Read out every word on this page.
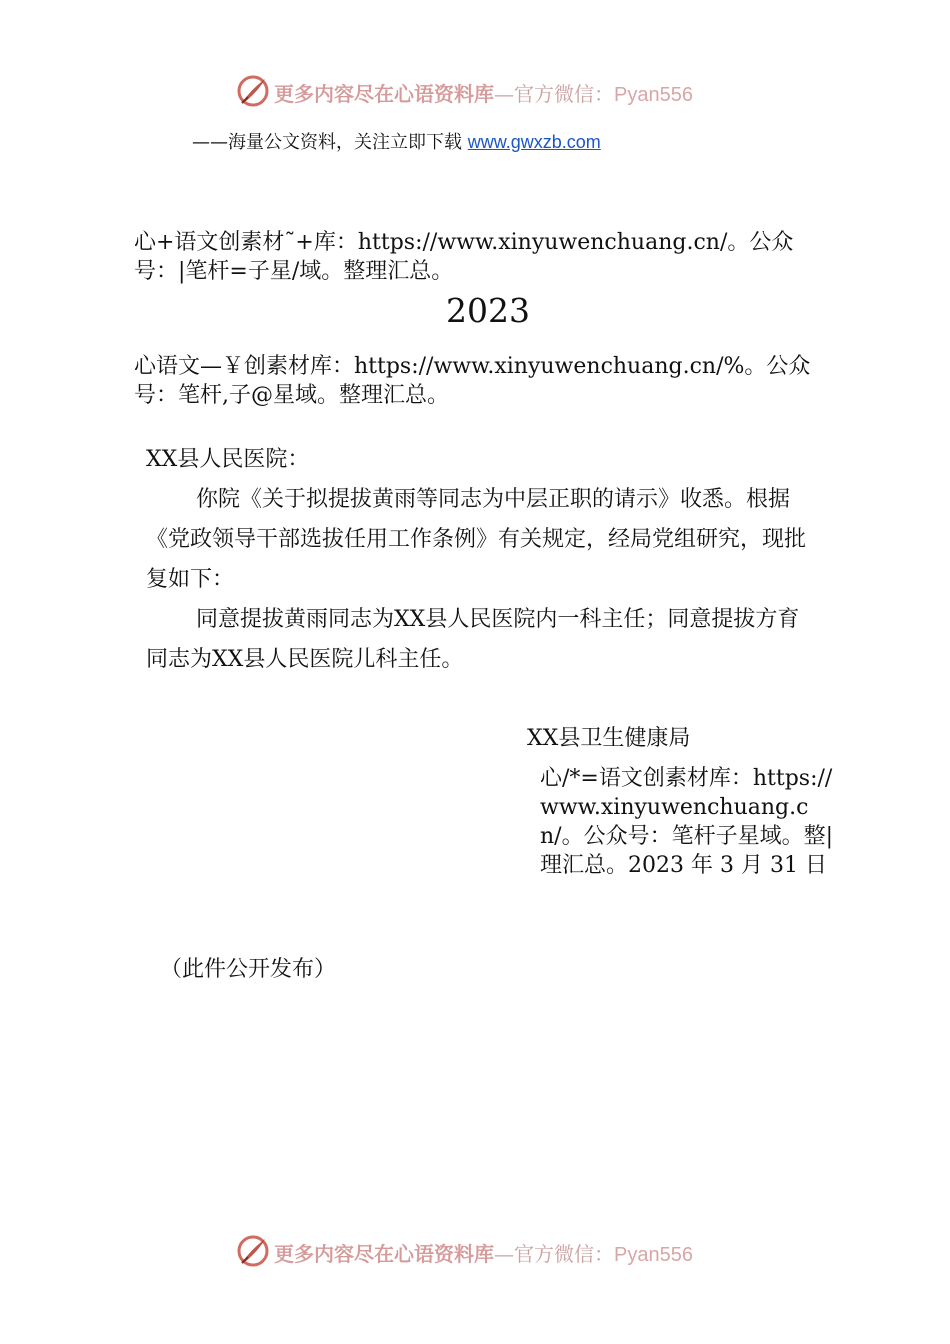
更多内容尽在心语资料库—官方微信：Pyan556
——海量公文资料，关注立即下载 www.gwxzb.com
心+语文创素材˜+库：https://www.xinyuwenchuang.cn/。公众号：|笔杆=子星/域。整理汇总。
2023
心语文—￥创素材库：https://www.xinyuwenchuang.cn/%。公众号：笔杆,子@星域。整理汇总。

XX县人民医院：

你院《关于拟提拔黄雨等同志为中层正职的请示》收悉。根据《党政领导干部选拔任用工作条例》有关规定，经局党组研究，现批复如下：

同意提拔黄雨同志为XX县人民医院内一科主任；同意提拔方育同志为XX县人民医院儿科主任。

XX县卫生健康局
心/*=语文创素材库：https://www.xinyuwenchuang.cn/。公众号：笔杆子星域。整|理汇总。2023 年 3 月 31 日
（此件公开发布）
更多内容尽在心语资料库—官方微信：Pyan556
